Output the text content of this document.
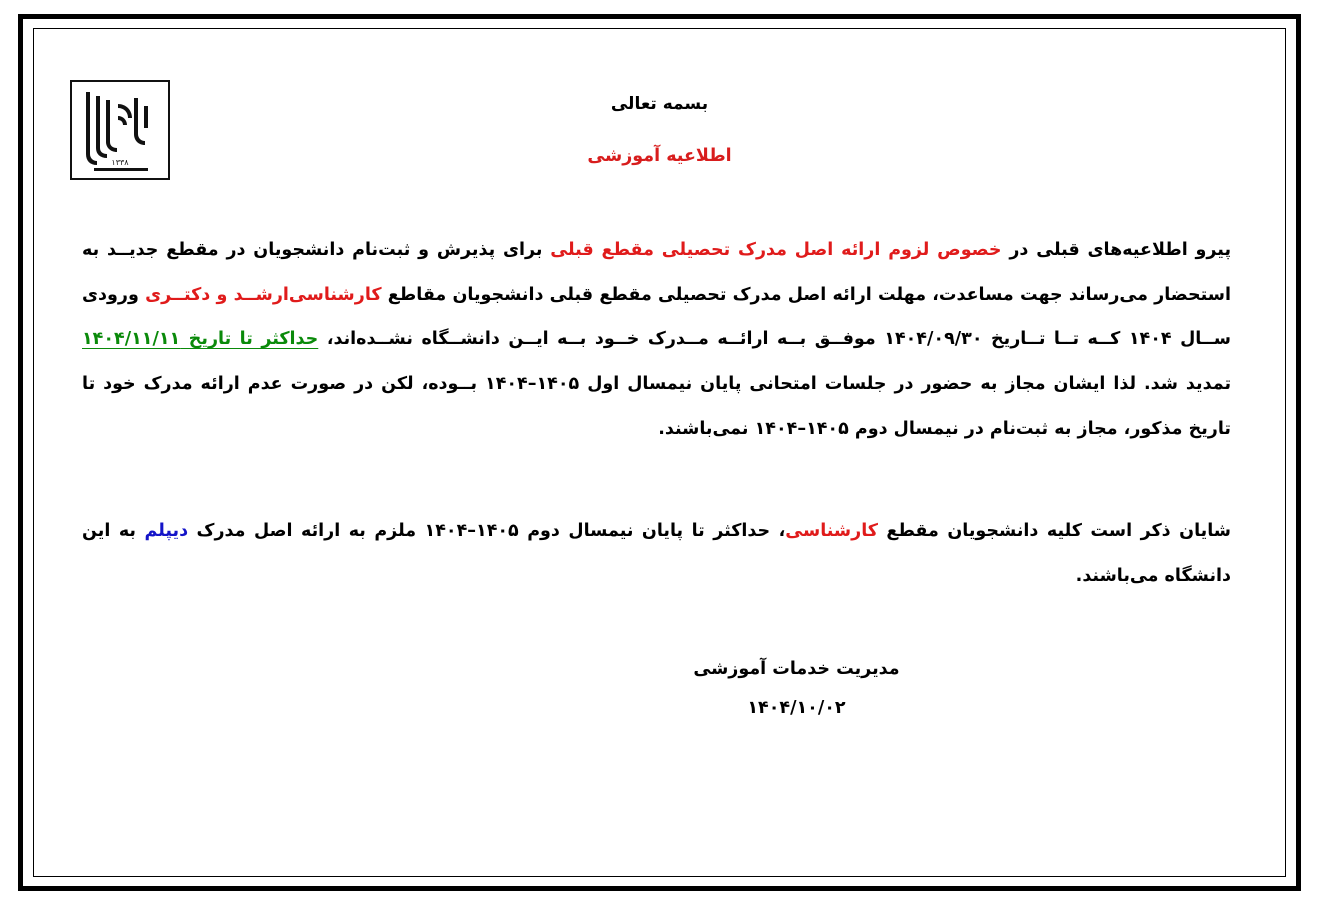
۱۳۳۸
بسمه تعالی
اطلاعیه آموزشی

پیرو اطلاعیه‌های قبلی در خصوص لزوم ارائه اصل مدرک تحصیلی مقطع قبلی برای پذیرش و ثبت‌نام دانشجویان در مقطع جدیــد به استحضار می‌رساند جهت مساعدت، مهلت ارائه اصل مدرک تحصیلی مقطع قبلی دانشجویان مقاطع کارشناسی‌ارشــد و دکتــری ورودی ســال ۱۴۰۴ کــه تــا تــاریخ ۱۴۰۴/۰۹/۳۰ موفــق بــه ارائــه مــدرک خــود بــه ایــن دانشــگاه نشــده‌اند، حداکثر تا تاریخ ۱۴۰۴/۱۱/۱۱ تمدید شد. لذا ایشان مجاز به حضور در جلسات امتحانی پایان نیمسال اول ۱۴۰۵–۱۴۰۴ بــوده، لکن در صورت عدم ارائه مدرک خود تا تاریخ مذکور، مجاز به ثبت‌نام در نیمسال دوم ۱۴۰۵–۱۴۰۴ نمی‌باشند.

شایان ذکر است کلیه دانشجویان مقطع کارشناسی، حداکثر تا پایان نیمسال دوم ۱۴۰۵–۱۴۰۴ ملزم به ارائه اصل مدرک دیپلم به این دانشگاه می‌باشند.

مدیریت خدمات آموزشی
۱۴۰۴/۱۰/۰۲
